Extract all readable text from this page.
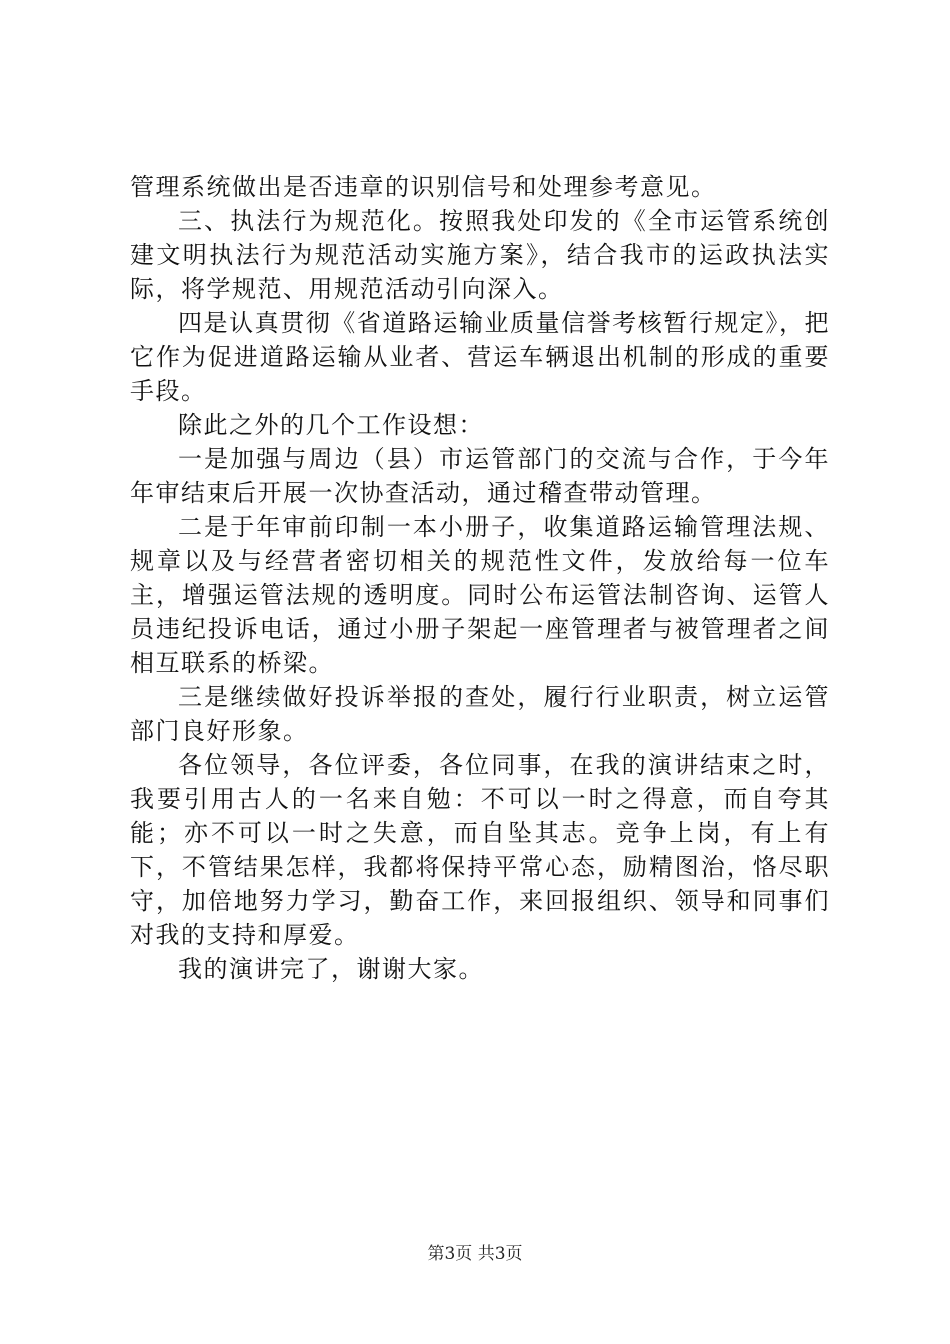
管理系统做出是否违章的识别信号和处理参考意见。

三、执法行为规范化。按照我处印发的《全市运管系统创建文明执法行为规范活动实施方案》，结合我市的运政执法实际，将学规范、用规范活动引向深入。

四是认真贯彻《省道路运输业质量信誉考核暂行规定》，把它作为促进道路运输从业者、营运车辆退出机制的形成的重要手段。

除此之外的几个工作设想：

一是加强与周边（县）市运管部门的交流与合作，于今年年审结束后开展一次协查活动，通过稽查带动管理。

二是于年审前印制一本小册子，收集道路运输管理法规、规章以及与经营者密切相关的规范性文件，发放给每一位车主，增强运管法规的透明度。同时公布运管法制咨询、运管人员违纪投诉电话，通过小册子架起一座管理者与被管理者之间相互联系的桥梁。

三是继续做好投诉举报的查处，履行行业职责，树立运管部门良好形象。

各位领导，各位评委，各位同事，在我的演讲结束之时，我要引用古人的一名来自勉：不可以一时之得意，而自夸其能；亦不可以一时之失意，而自坠其志。竞争上岗，有上有下，不管结果怎样，我都将保持平常心态，励精图治，恪尽职守，加倍地努力学习，勤奋工作，来回报组织、领导和同事们对我的支持和厚爱。

我的演讲完了，谢谢大家。

第3页 共3页
